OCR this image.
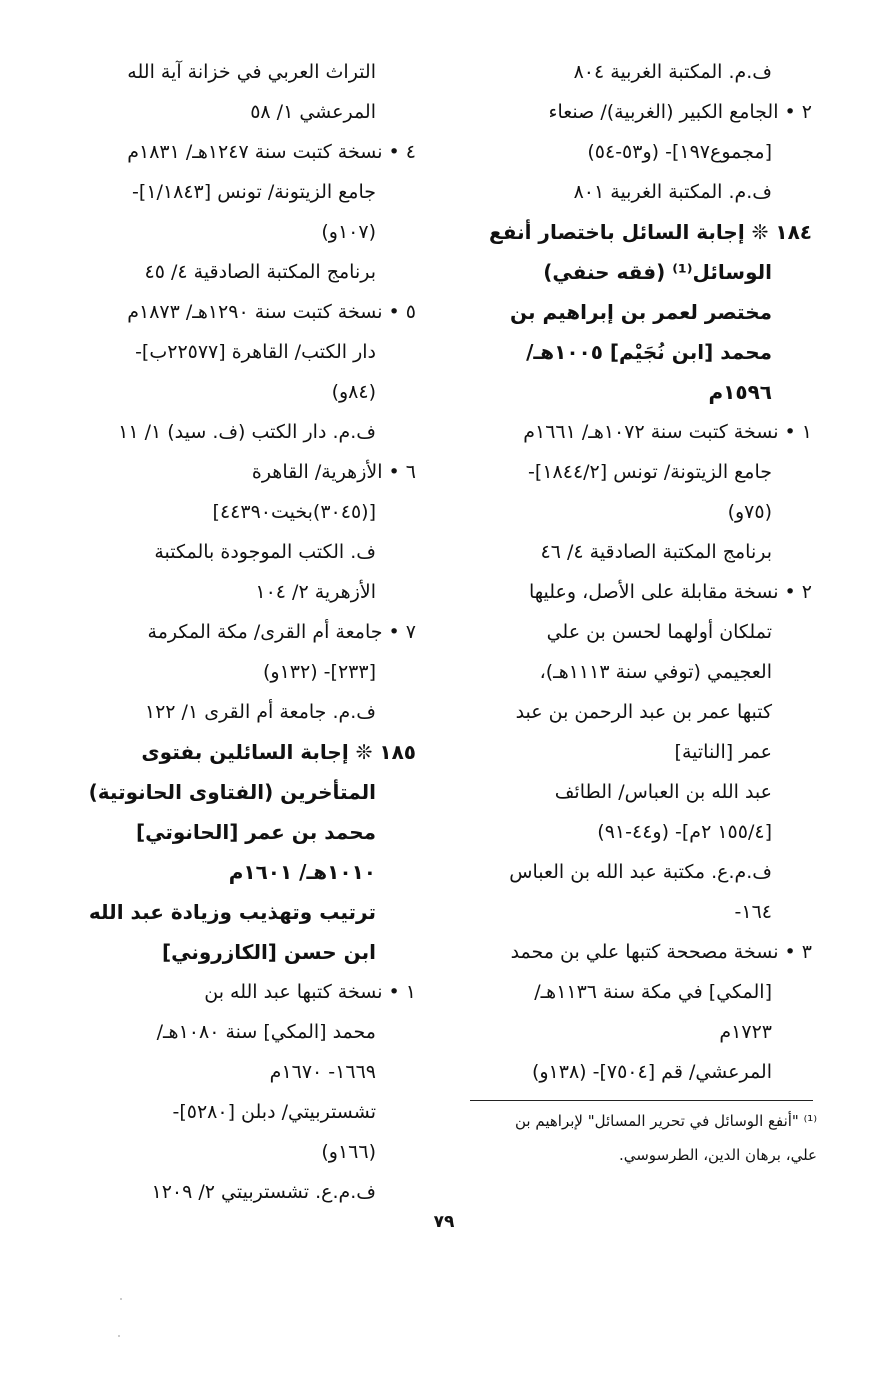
ف.م. المكتبة الغربية ٨٠٤
٢ • الجامع الكبير (الغربية)/ صنعاء
[مجموع١٩٧]- (و٥٣-٥٤)
ف.م. المكتبة الغربية ٨٠١
١٨٤ ❊ إجابة السائل باختصار أنفع
الوسائل⁽¹⁾ (فقه حنفي)
مختصر لعمر بن إبراهيم بن
محمد [ابن نُجَيْم] ١٠٠٥هـ/
١٥٩٦م
١ • نسخة كتبت سنة ١٠٧٢هـ/ ١٦٦١م
جامع الزيتونة/ تونس [١٨٤٤/٢]-
(٧٥و)
برنامج المكتبة الصادقية ٤/ ٤٦
٢ • نسخة مقابلة على الأصل، وعليها
تملكان أولهما لحسن بن علي
العجيمي (توفي سنة ١١١٣هـ)،
كتبها عمر بن عبد الرحمن بن عبد
عمر [الناتية]
عبد الله بن العباس/ الطائف
[١٥٥/٤ ٢م]- (و٤٤-٩١)
ف.م.ع. مكتبة عبد الله بن العباس
١٦٤-
٣ • نسخة مصححة كتبها علي بن محمد
[المكي] في مكة سنة ١١٣٦هـ/
١٧٢٣م
المرعشي/ قم [٧٥٠٤]- (١٣٨و)
التراث العربي في خزانة آية الله
المرعشي ١/ ٥٨
٤ • نسخة كتبت سنة ١٢٤٧هـ/ ١٨٣١م
جامع الزيتونة/ تونس [١/١٨٤٣]-
(١٠٧و)
برنامج المكتبة الصادقية ٤/ ٤٥
٥ • نسخة كتبت سنة ١٢٩٠هـ/ ١٨٧٣م
دار الكتب/ القاهرة [٢٢٥٧٧ب]-
(٨٤و)
ف.م. دار الكتب (ف. سيد) ١/ ١١
٦ • الأزهرية/ القاهرة
[(٣٠٤٥)بخيت٤٤٣٩٠]
ف. الكتب الموجودة بالمكتبة
الأزهرية ٢/ ١٠٤
٧ • جامعة أم القرى/ مكة المكرمة
[٢٣٣]- (١٣٢و)
ف.م. جامعة أم القرى ١/ ١٢٢
١٨٥ ❊ إجابة السائلين بفتوى
المتأخرين (الفتاوى الحانوتية)
محمد بن عمر [الحانوتي]
١٠١٠هـ/ ١٦٠١م
ترتيب وتهذيب وزيادة عبد الله
ابن حسن [الكازروني]
١ • نسخة كتبها عبد الله بن
محمد [المكي] سنة ١٠٨٠هـ/
١٦٦٩- ١٦٧٠م
تشستربيتي/ دبلن [٥٢٨٠]-
(١٦٦و)
ف.م.ع. تشستربيتي ٢/ ١٢٠٩
⁽¹⁾ "أنفع الوسائل في تحرير المسائل" لإبراهيم بن
علي، برهان الدين، الطرسوسي.
٧٩
